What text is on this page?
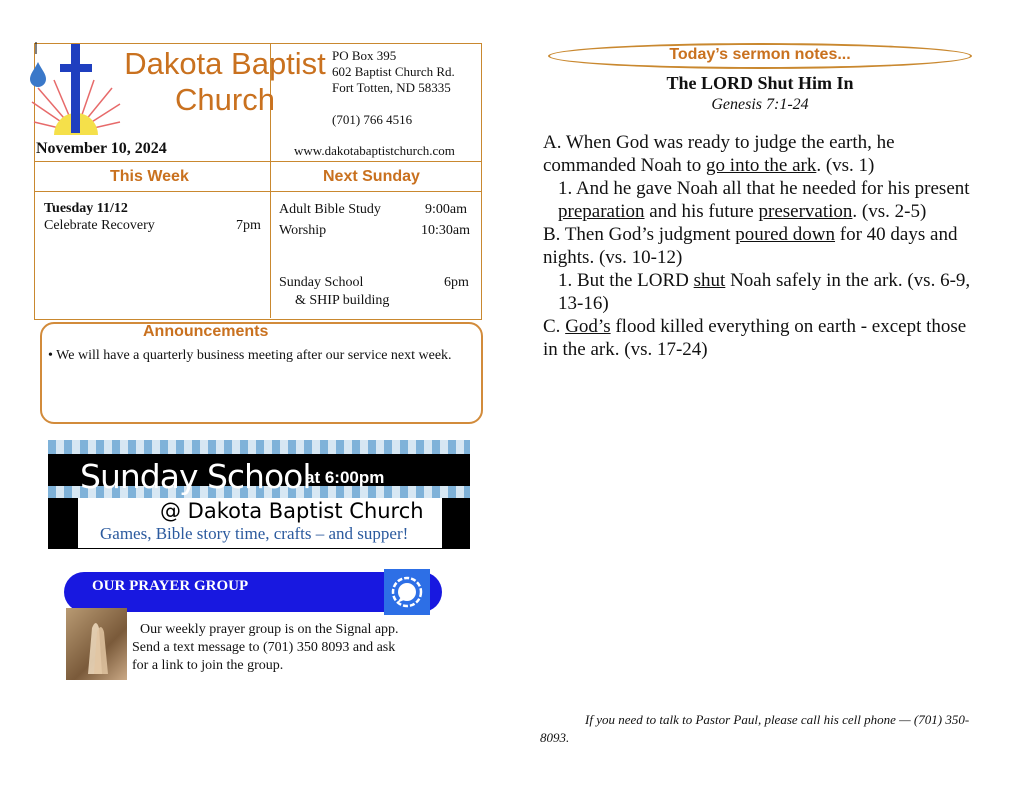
Dakota Baptist
Church
PO Box 395
602 Baptist Church Rd.
Fort Totten, ND 58335
(701) 766 4516
November 10, 2024	www.dakotabaptistchurch.com
This Week	Next Sunday
Tuesday 11/12
Celebrate Recovery	7pm
Adult Bible Study	9:00am
Worship	10:30am
Sunday School	6pm
& SHIP building
Announcements
• We will have a quarterly business meeting after our service next week.
Sunday School
at 6:00pm
@ Dakota Baptist Church
Games, Bible story time, crafts – and supper!
OUR PRAYER GROUP
Our weekly prayer group is on the Signal app.
Send a text message to (701) 350 8093 and ask
for a link to join the group.
Today’s sermon notes...
The LORD Shut Him In
Genesis 7:1-24

A. When God was ready to judge the earth, he commanded Noah to go into the ark. (vs. 1)

1. And he gave Noah all that he needed for his present preparation and his future preservation. (vs. 2-5)

B. Then God’s judgment poured down for 40 days and nights. (vs. 10-12)

1. But the LORD shut Noah safely in the ark. (vs. 6-9, 13-16)

C. God’s flood killed everything on earth - except those in the ark. (vs. 17-24)

If you need to talk to Pastor Paul, please call his cell phone — (701) 350-8093.
